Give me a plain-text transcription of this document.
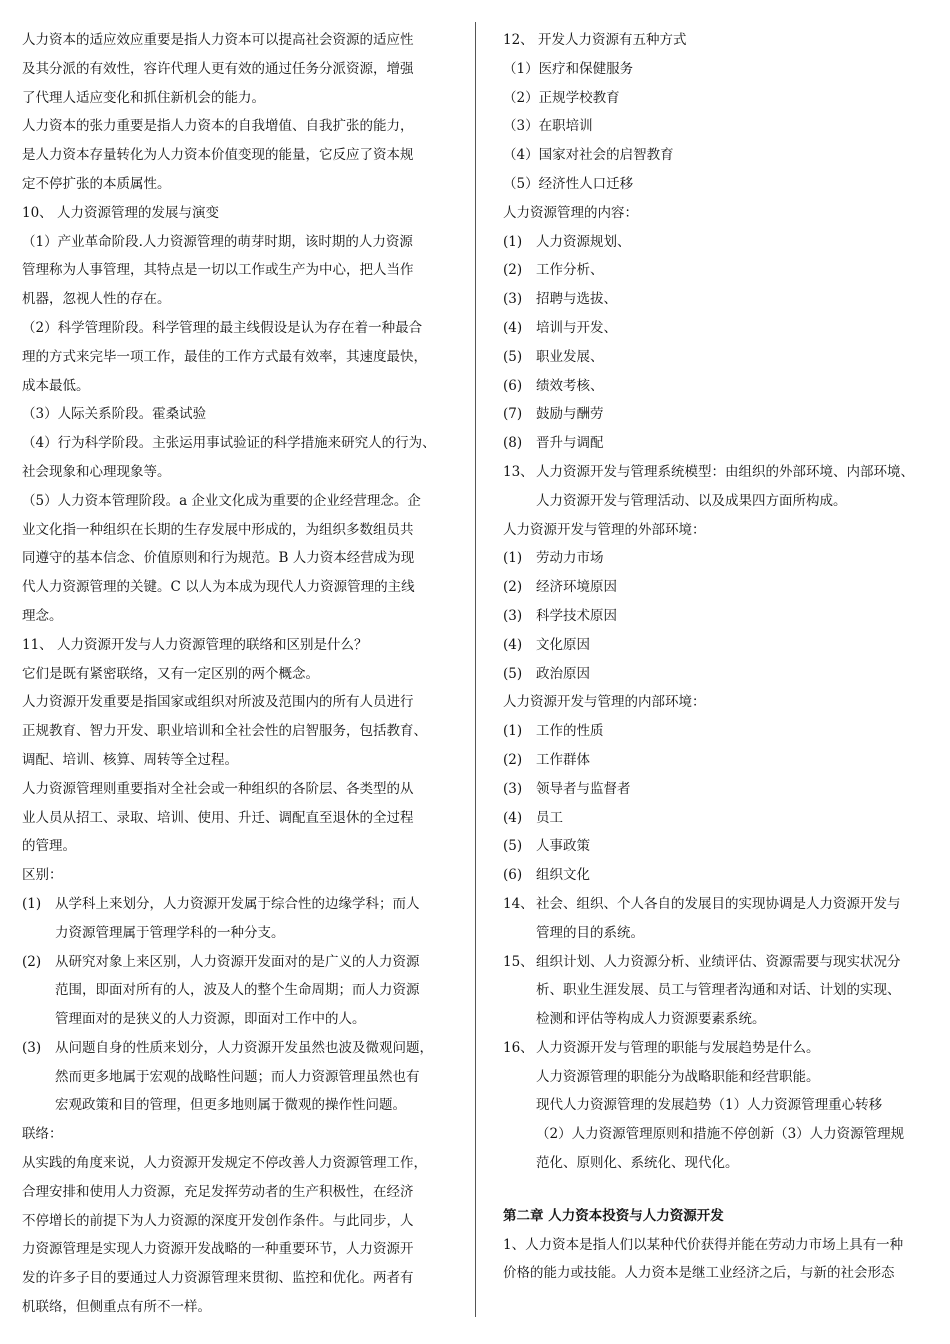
人力资本的适应效应重要是指人力资本可以提高社会资源的适应性
及其分派的有效性，容许代理人更有效的通过任务分派资源，增强
了代理人适应变化和抓住新机会的能力。
人力资本的张力重要是指人力资本的自我增值、自我扩张的能力，
是人力资本存量转化为人力资本价值变现的能量，它反应了资本规
定不停扩张的本质属性。
10、 人力资源管理的发展与演变
（1）产业革命阶段.人力资源管理的萌芽时期，该时期的人力资源
管理称为人事管理，其特点是一切以工作或生产为中心，把人当作
机器，忽视人性的存在。
（2）科学管理阶段。科学管理的最主线假设是认为存在着一种最合
理的方式来完毕一项工作，最佳的工作方式最有效率，其速度最快，
成本最低。
（3）人际关系阶段。霍桑试验
（4）行为科学阶段。主张运用事试验证的科学措施来研究人的行为、
社会现象和心理现象等。
（5）人力资本管理阶段。a 企业文化成为重要的企业经营理念。企
业文化指一种组织在长期的生存发展中形成的，为组织多数组员共
同遵守的基本信念、价值原则和行为规范。B 人力资本经营成为现
代人力资源管理的关键。C 以人为本成为现代人力资源管理的主线
理念。
11、 人力资源开发与人力资源管理的联络和区别是什么？
它们是既有紧密联络，又有一定区别的两个概念。
人力资源开发重要是指国家或组织对所波及范围内的所有人员进行
正规教育、智力开发、职业培训和全社会性的启智服务，包括教育、
调配、培训、核算、周转等全过程。
人力资源管理则重要指对全社会或一种组织的各阶层、各类型的从
业人员从招工、录取、培训、使用、升迁、调配直至退休的全过程
的管理。
区别：
(1) 从学科上来划分，人力资源开发属于综合性的边缘学科；而人
力资源管理属于管理学科的一种分支。
(2) 从研究对象上来区别，人力资源开发面对的是广义的人力资源
范围，即面对所有的人，波及人的整个生命周期；而人力资源
管理面对的是狭义的人力资源，即面对工作中的人。
(3) 从问题自身的性质来划分，人力资源开发虽然也波及微观问题，
然而更多地属于宏观的战略性问题；而人力资源管理虽然也有
宏观政策和目的管理，但更多地则属于微观的操作性问题。
联络：
从实践的角度来说，人力资源开发规定不停改善人力资源管理工作，
合理安排和使用人力资源，充足发挥劳动者的生产积极性，在经济
不停增长的前提下为人力资源的深度开发创作条件。与此同步，人
力资源管理是实现人力资源开发战略的一种重要环节，人力资源开
发的许多子目的要通过人力资源管理来贯彻、监控和优化。两者有
机联络，但侧重点有所不一样。
12、 开发人力资源有五种方式
（1）医疗和保健服务
（2）正规学校教育
（3）在职培训
（4）国家对社会的启智教育
（5）经济性人口迁移
人力资源管理的内容：
(1) 人力资源规划、
(2) 工作分析、
(3) 招聘与选拔、
(4) 培训与开发、
(5) 职业发展、
(6) 绩效考核、
(7) 鼓励与酬劳
(8) 晋升与调配
13、 人力资源开发与管理系统模型：由组织的外部环境、内部环境、
人力资源开发与管理活动、以及成果四方面所构成。
人力资源开发与管理的外部环境：
(1) 劳动力市场
(2) 经济环境原因
(3) 科学技术原因
(4) 文化原因
(5) 政治原因
人力资源开发与管理的内部环境：
(1) 工作的性质
(2) 工作群体
(3) 领导者与监督者
(4) 员工
(5) 人事政策
(6) 组织文化
14、 社会、组织、个人各自的发展目的实现协调是人力资源开发与
管理的目的系统。
15、 组织计划、人力资源分析、业绩评估、资源需要与现实状况分
析、职业生涯发展、员工与管理者沟通和对话、计划的实现、
检测和评估等构成人力资源要素系统。
16、 人力资源开发与管理的职能与发展趋势是什么。
人力资源管理的职能分为战略职能和经营职能。
现代人力资源管理的发展趋势（1）人力资源管理重心转移
（2）人力资源管理原则和措施不停创新（3）人力资源管理规
范化、原则化、系统化、现代化。
第二章 人力资本投资与人力资源开发
1、人力资本是指人们以某种代价获得并能在劳动力市场上具有一种
价格的能力或技能。人力资本是继工业经济之后，与新的社会形态
